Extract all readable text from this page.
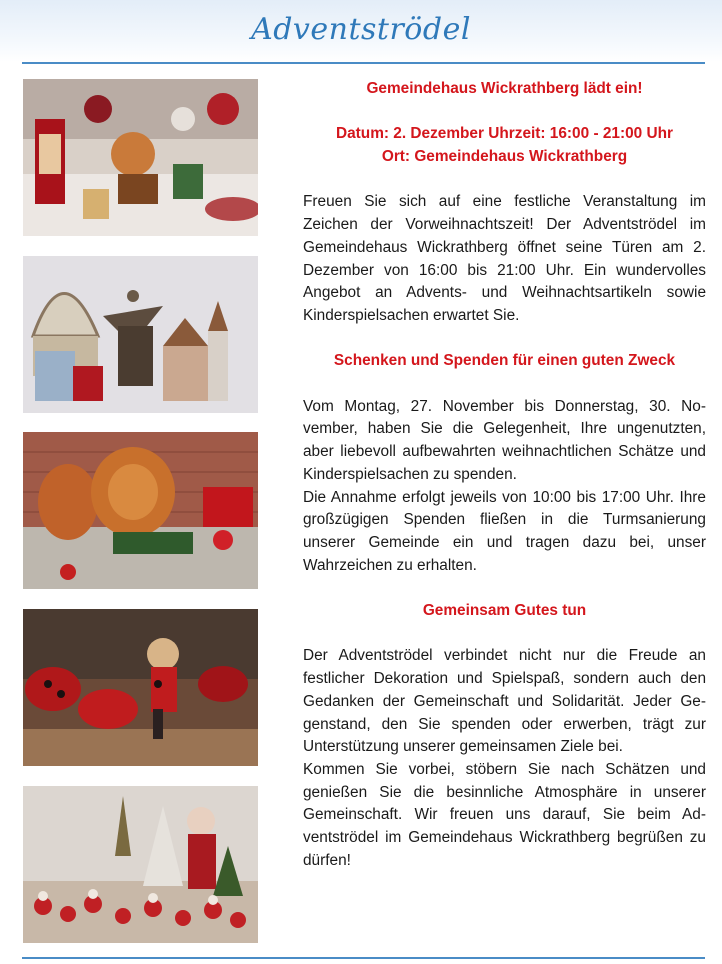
Adventströdel

Gemeindehaus Wickrathberg lädt ein!

Datum: 2. Dezember Uhrzeit: 16:00 - 21:00 Uhr

Ort: Gemeindehaus Wickrathberg

Freuen Sie sich auf eine festliche Veranstaltung im Zeichen der Vorweihnachtszeit! Der Adventströdel im Gemeindehaus Wickrathberg öffnet seine Türen am 2. Dezember von 16:00 bis 21:00 Uhr. Ein wundervolles Angebot an Advents- und Weihnachtsartikeln sowie Kinderspielsachen erwartet Sie.

Schenken und Spenden für einen guten Zweck

Vom Montag, 27. November bis Donnerstag, 30. November, haben Sie die Gelegenheit, Ihre ungenutzten, aber liebevoll aufbewahrten weihnachtlichen Schätze und Kinderspielsachen zu spenden.

Die Annahme erfolgt jeweils von 10:00 bis 17:00 Uhr. Ihre großzügigen Spenden fließen in die Turmsanierung unserer Gemeinde ein und tragen dazu bei, unser Wahrzeichen zu erhalten.

Gemeinsam Gutes tun

Der Adventströdel verbindet nicht nur die Freude an festlicher Dekoration und Spielspaß, sondern auch den Gedanken der Gemeinschaft und Solidarität. Jeder Gegenstand, den Sie spenden oder erwerben, trägt zur Unterstützung unserer gemeinsamen Ziele bei.

Kommen Sie vorbei, stöbern Sie nach Schätzen und genießen Sie die besinnliche Atmosphäre in unserer Gemeinschaft. Wir freuen uns darauf, Sie beim Adventströdel im Gemeindehaus Wickrathberg begrüßen zu dürfen!
